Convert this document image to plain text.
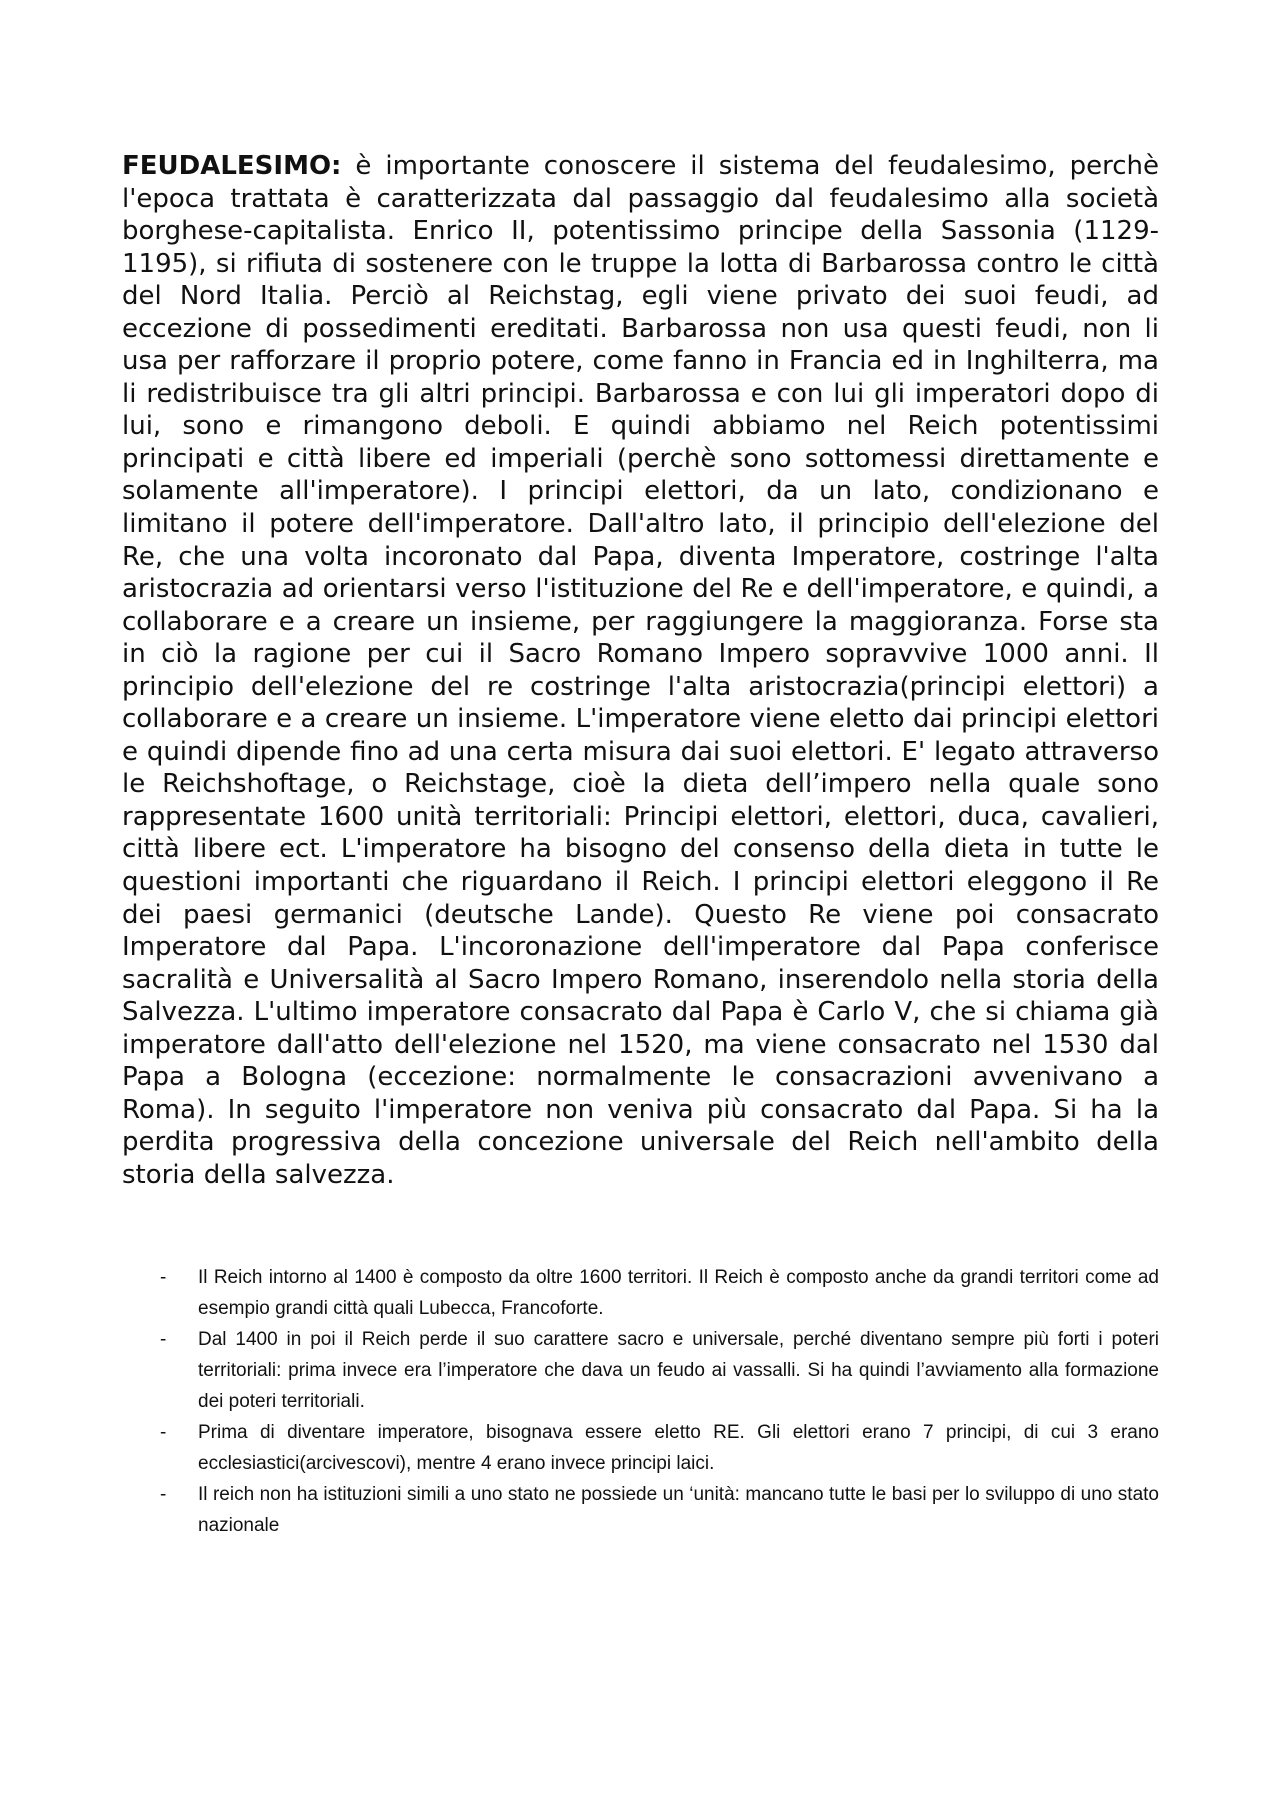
FEUDALESIMO: è importante conoscere il sistema del feudalesimo, perchè l'epoca trattata è caratterizzata dal passaggio dal feudalesimo alla società borghese-capitalista. Enrico II, potentissimo principe della Sassonia (1129-1195), si rifiuta di sostenere con le truppe la lotta di Barbarossa contro le città del Nord Italia. Perciò al Reichstag, egli viene privato dei suoi feudi, ad eccezione di possedimenti ereditati. Barbarossa non usa questi feudi, non li usa per rafforzare il proprio potere, come fanno in Francia ed in Inghilterra, ma li redistribuisce tra gli altri principi. Barbarossa e con lui gli imperatori dopo di lui, sono e rimangono deboli. E quindi abbiamo nel Reich potentissimi principati e città libere ed imperiali (perchè sono sottomessi direttamente e solamente all'imperatore). I principi elettori, da un lato, condizionano e limitano il potere dell'imperatore. Dall'altro lato, il principio dell'elezione del Re, che una volta incoronato dal Papa, diventa Imperatore, costringe l'alta aristocrazia ad orientarsi verso l'istituzione del Re e dell'imperatore, e quindi, a collaborare e a creare un insieme, per raggiungere la maggioranza. Forse sta in ciò la ragione per cui il Sacro Romano Impero sopravvive 1000 anni. Il principio dell'elezione del re costringe l'alta aristocrazia(principi elettori) a collaborare e a creare un insieme. L'imperatore viene eletto dai principi elettori e quindi dipende fino ad una certa misura dai suoi elettori. E' legato attraverso le Reichshoftage, o Reichstage, cioè la dieta dell’impero nella quale sono rappresentate 1600 unità territoriali: Principi elettori, elettori, duca, cavalieri, città libere ect. L'imperatore ha bisogno del consenso della dieta in tutte le questioni importanti che riguardano il Reich. I principi elettori eleggono il Re dei paesi germanici (deutsche Lande). Questo Re viene poi consacrato Imperatore dal Papa. L'incoronazione dell'imperatore dal Papa conferisce sacralità e Universalità al Sacro Impero Romano, inserendolo nella storia della Salvezza. L'ultimo imperatore consacrato dal Papa è Carlo V, che si chiama già imperatore dall'atto dell'elezione nel 1520, ma viene consacrato nel 1530 dal Papa a Bologna (eccezione: normalmente le consacrazioni avvenivano a Roma). In seguito l'imperatore non veniva più consacrato dal Papa. Si ha la perdita progressiva della concezione universale del Reich nell'ambito della storia della salvezza.

- Il Reich intorno al 1400 è composto da oltre 1600 territori. Il Reich è composto anche da grandi territori come ad esempio grandi città quali Lubecca, Francoforte.
- Dal 1400 in poi il Reich perde il suo carattere sacro e universale, perché diventano sempre più forti i poteri territoriali: prima invece era l’imperatore che dava un feudo ai vassalli. Si ha quindi l’avviamento alla formazione dei poteri territoriali.
- Prima di diventare imperatore, bisognava essere eletto RE. Gli elettori erano 7 principi, di cui 3 erano ecclesiastici(arcivescovi), mentre 4 erano invece principi laici.
- Il reich non ha istituzioni simili a uno stato ne possiede un ‘unità: mancano tutte le basi per lo sviluppo di uno stato nazionale
